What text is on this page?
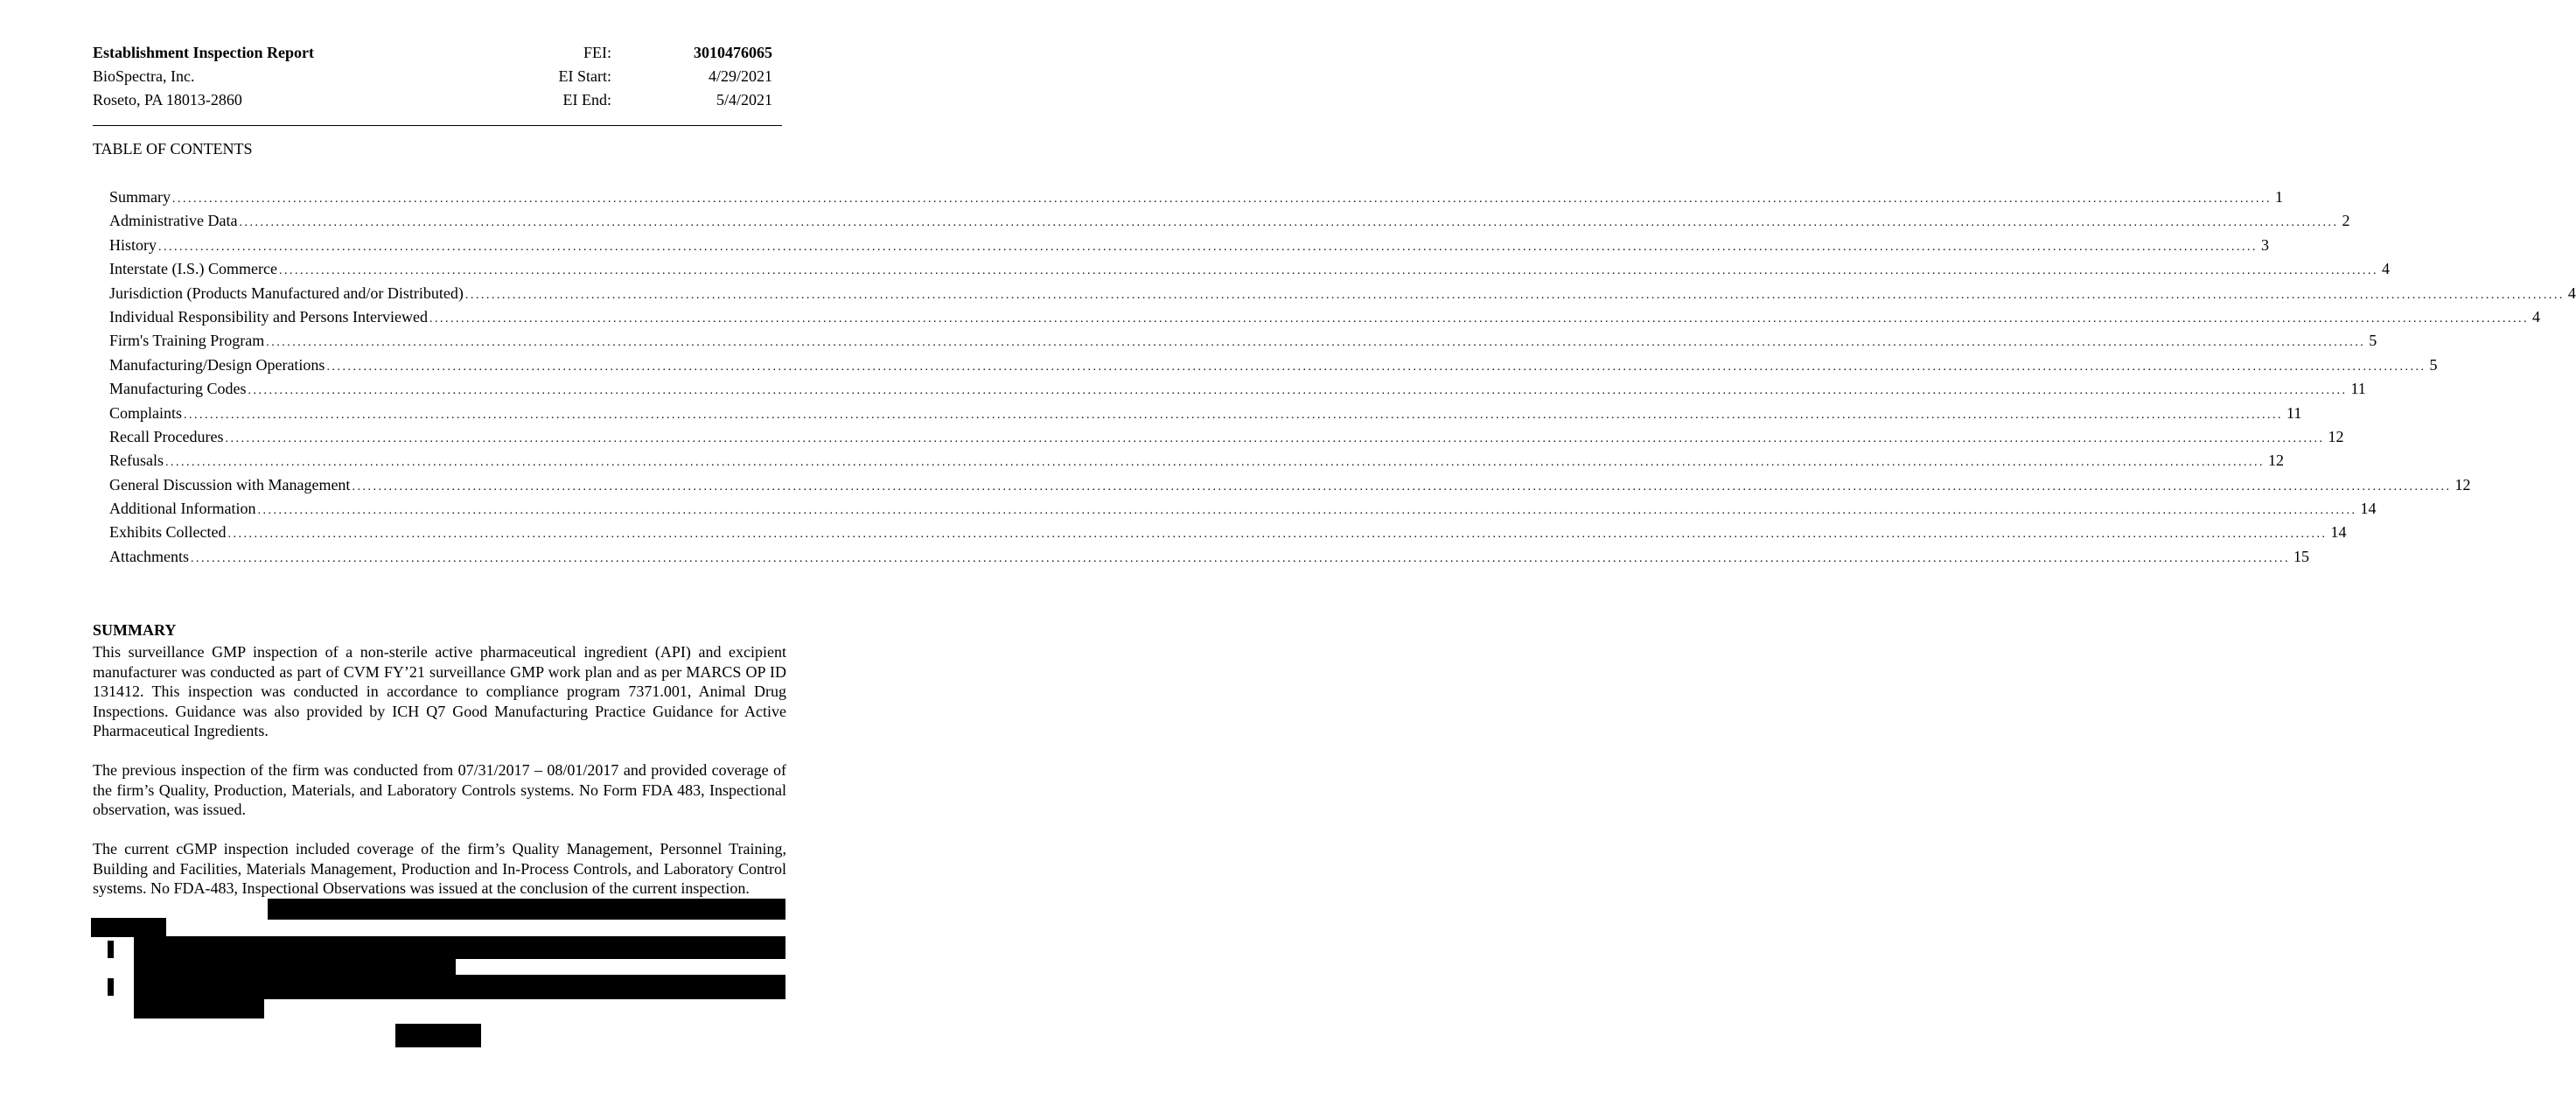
Establishment Inspection Report	FEI:	3010476065
BioSpectra, Inc.	EI Start:	4/29/2021
Roseto, PA 18013-2860	EI End:	5/4/2021
TABLE OF CONTENTS
Summary ................................................................................................................................................................................................................................................................................................................................................................................................................ 1
Administrative Data ................................................................................................................................................................................................................................................................................................................................................................................................................ 2
History ................................................................................................................................................................................................................................................................................................................................................................................................................ 3
Interstate (I.S.) Commerce ................................................................................................................................................................................................................................................................................................................................................................................................................ 4
Jurisdiction (Products Manufactured and/or Distributed) ................................................................................................................................................................................................................................................................................................................................................................................................................ 4
Individual Responsibility and Persons Interviewed ................................................................................................................................................................................................................................................................................................................................................................................................................ 4
Firm's Training Program ................................................................................................................................................................................................................................................................................................................................................................................................................ 5
Manufacturing/Design Operations ................................................................................................................................................................................................................................................................................................................................................................................................................ 5
Manufacturing Codes ................................................................................................................................................................................................................................................................................................................................................................................................................ 11
Complaints ................................................................................................................................................................................................................................................................................................................................................................................................................ 11
Recall Procedures ................................................................................................................................................................................................................................................................................................................................................................................................................ 12
Refusals ................................................................................................................................................................................................................................................................................................................................................................................................................ 12
General Discussion with Management ................................................................................................................................................................................................................................................................................................................................................................................................................ 12
Additional Information ................................................................................................................................................................................................................................................................................................................................................................................................................ 14
Exhibits Collected ................................................................................................................................................................................................................................................................................................................................................................................................................ 14
Attachments ................................................................................................................................................................................................................................................................................................................................................................................................................ 15
SUMMARY

This surveillance GMP inspection of a non-sterile active pharmaceutical ingredient (API) and excipient manufacturer was conducted as part of CVM FY’21 surveillance GMP work plan and as per MARCS OP ID 131412. This inspection was conducted in accordance to compliance program 7371.001, Animal Drug Inspections. Guidance was also provided by ICH Q7 Good Manufacturing Practice Guidance for Active Pharmaceutical Ingredients.

The previous inspection of the firm was conducted from 07/31/2017 – 08/01/2017 and provided coverage of the firm’s Quality, Production, Materials, and Laboratory Controls systems. No Form FDA 483, Inspectional observation, was issued.

The current cGMP inspection included coverage of the firm’s Quality Management, Personnel Training, Building and Facilities, Materials Management, Production and In-Process Controls, and Laboratory Control systems. No FDA-483, Inspectional Observations was issued at the conclusion of the current inspection.
